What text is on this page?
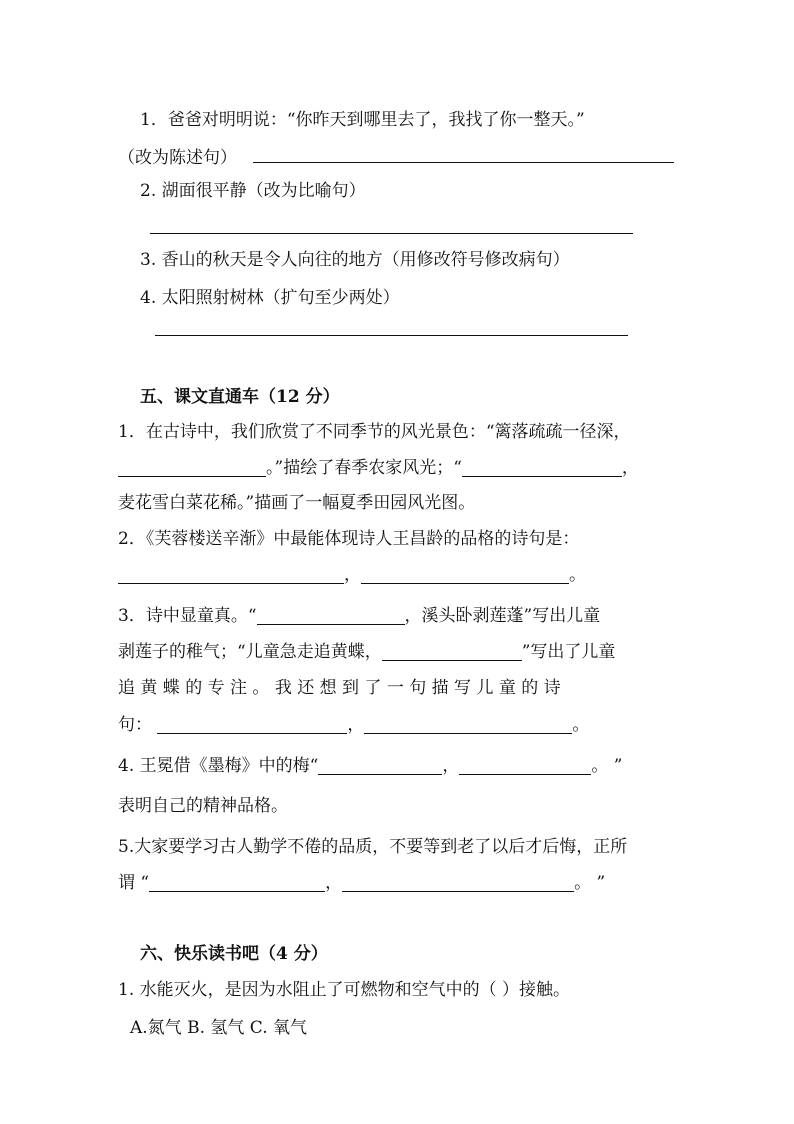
1．爸爸对明明说：“你昨天到哪里去了，我找了你一整天。”
（改为陈述句）
2. 湖面很平静（改为比喻句）
3. 香山的秋天是令人向往的地方（用修改符号修改病句）
4. 太阳照射树林（扩句至少两处）
五、课文直通车（12 分）
1．在古诗中，我们欣赏了不同季节的风光景色：“篱落疏疏一径深，
。”描绘了春季农家风光；“	，
麦花雪白菜花稀。”描画了一幅夏季田园风光图。
2．《芙蓉楼送辛渐》中最能体现诗人王昌龄的品格的诗句是：
，	。
3．诗中显童真。“	，溪头卧剥莲蓬”写出儿童
剥莲子的稚气；“儿童急走追黄蝶，	”写出了儿童
追 黄 蝶 的 专 注 。 我 还 想 到 了 一 句 描 写 儿 童 的 诗
句：	，	。
4. 王冕借《墨梅》中的梅“	，	。 ”
表明自己的精神品格。
5.大家要学习古人勤学不倦的品质，不要等到老了以后才后悔，正所
谓 “	，	。 ”
六、快乐读书吧（4 分）
1. 水能灭火，是因为水阻止了可燃物和空气中的（ ）接触。
A.氮气 B. 氢气 C. 氧气
